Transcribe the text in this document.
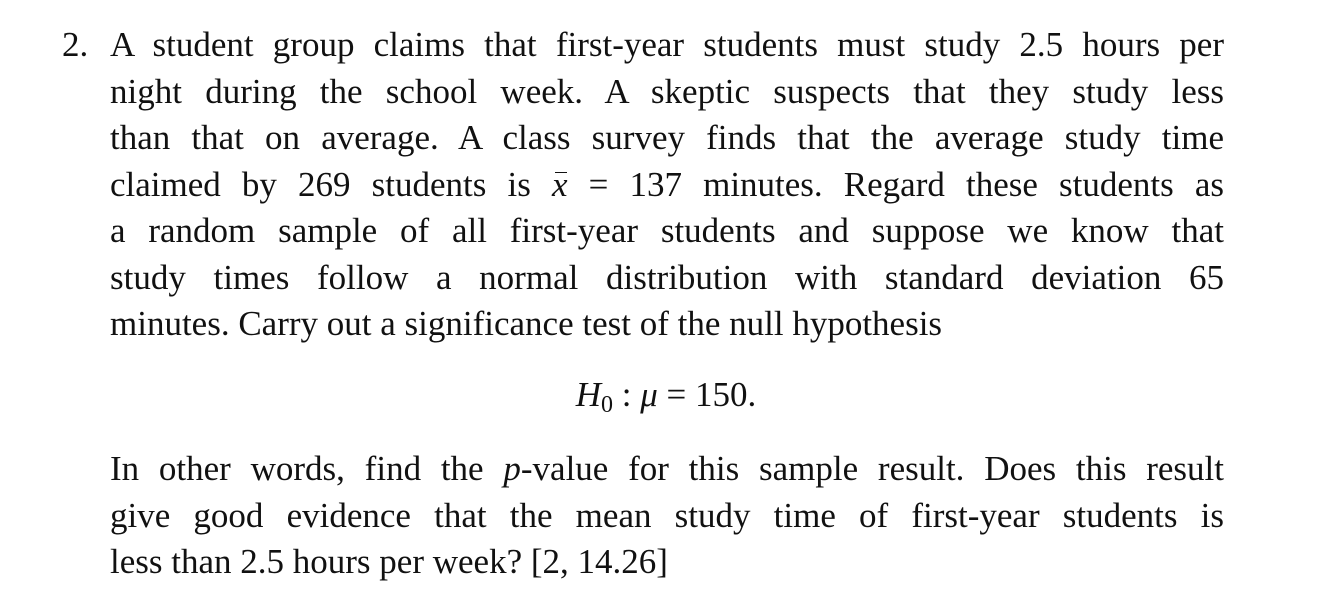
2. A student group claims that first-year students must study 2.5 hours per
night during the school week. A skeptic suspects that they study less
than that on average. A class survey finds that the average study time
claimed by 269 students is x = 137 minutes. Regard these students as
a random sample of all first-year students and suppose we know that
study times follow a normal distribution with standard deviation 65
minutes. Carry out a significance test of the null hypothesis
$H_0$ : μ = 150.
In other words, find the p-value for this sample result. Does this result
give good evidence that the mean study time of first-year students is
less than 2.5 hours per week? [2, 14.26]
